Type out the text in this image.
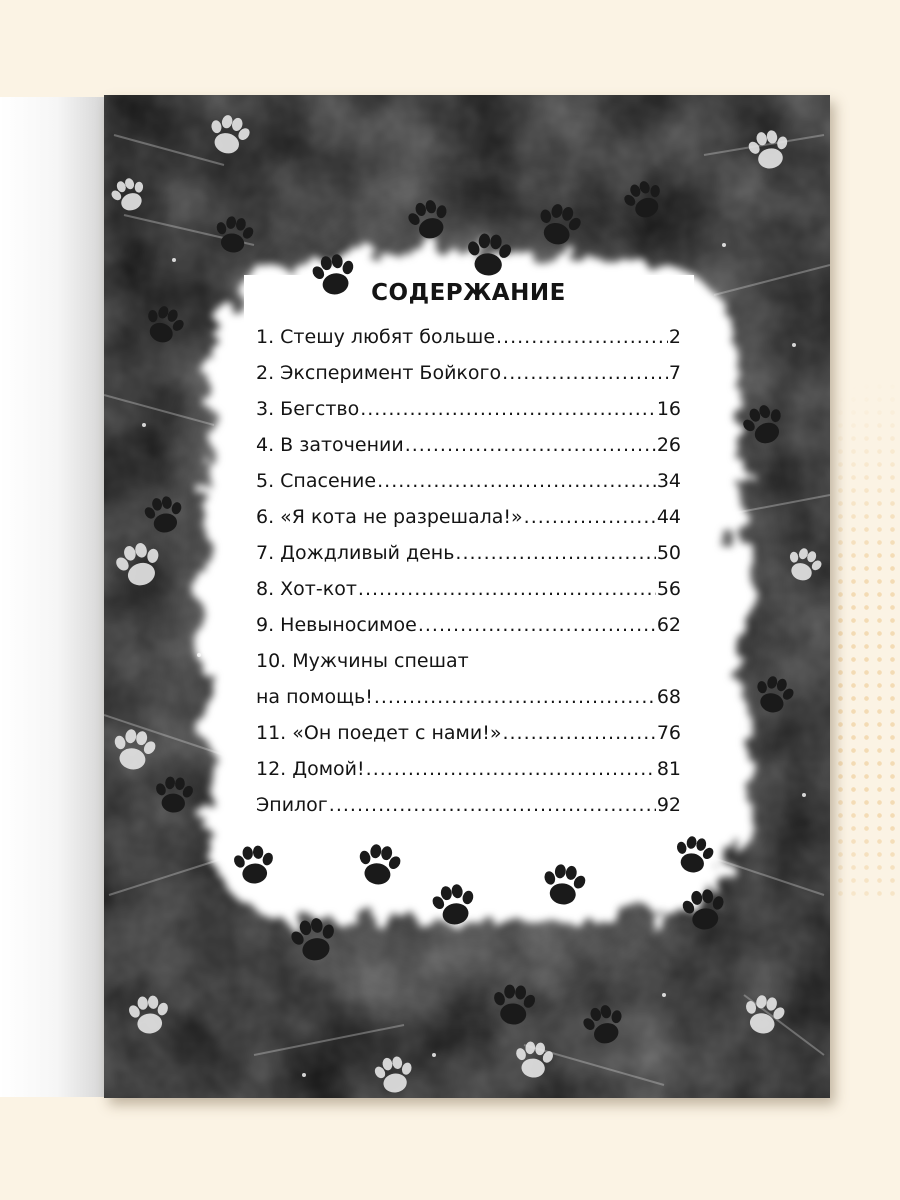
СОДЕРЖАНИЕ
1. Стешу любят больше .....	2
2. Эксперимент Бойкого .....	7
3. Бегство .....	16
4. В заточении .....	26
5. Спасение .....	34
6. «Я кота не разрешала!» .....	44
7. Дождливый день .....	50
8. Хот-кот .....	56
9. Невыносимое .....	62
10. Мужчины спешат
на помощь! .....	68
11. «Он поедет с нами!» .....	76
12. Домой! .....	81
Эпилог .....	92
